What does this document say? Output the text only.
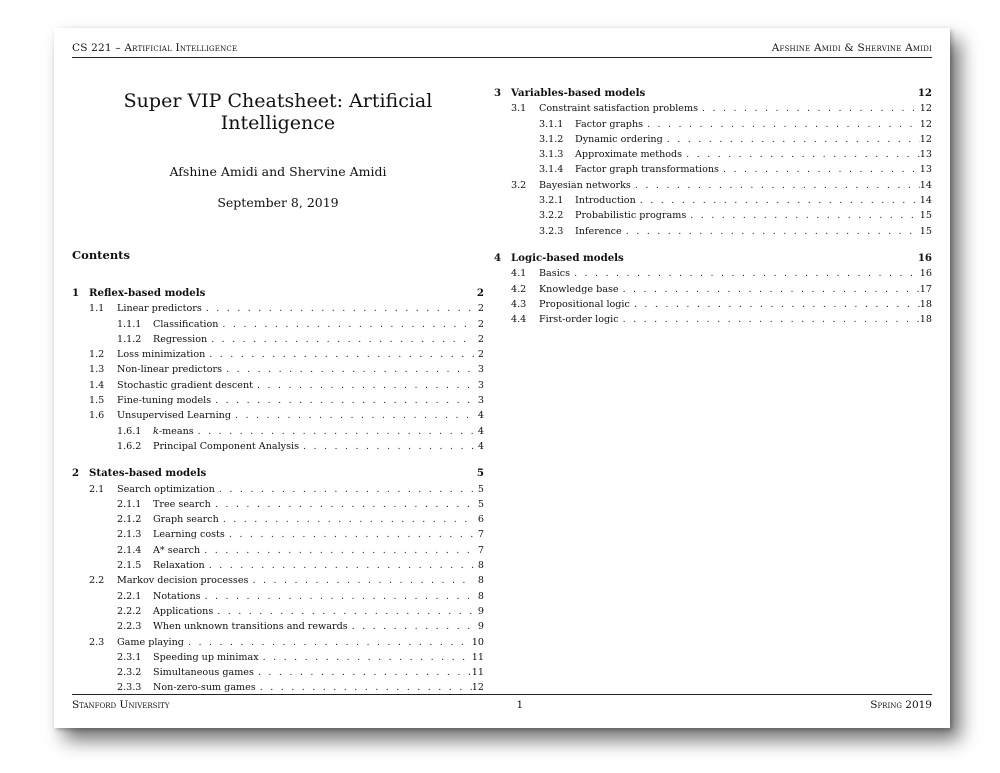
CS 221 – Artificial Intelligence	Afshine Amidi & Shervine Amidi
Super VIP Cheatsheet: Artificial Intelligence
Afshine Amidi and Shervine Amidi
September 8, 2019
Contents
1 Reflex-based models	2
1.1	Linear predictors . . .	2
1.1.1	Classification . . .	2
1.1.2	Regression . . .	2
1.2	Loss minimization . . .	2
1.3	Non-linear predictors . . .	3
1.4	Stochastic gradient descent . . .	3
1.5	Fine-tuning models . . .	3
1.6	Unsupervised Learning . . .	4
1.6.1	k-means . . .	4
1.6.2	Principal Component Analysis . . .	4
2 States-based models	5
2.1	Search optimization . . .	5
2.1.1	Tree search . . .	5
2.1.2	Graph search . . .	6
2.1.3	Learning costs . . .	7
2.1.4	A* search . . .	7
2.1.5	Relaxation . . .	8
2.2	Markov decision processes . . .	8
2.2.1	Notations . . .	8
2.2.2	Applications . . .	9
2.2.3	When unknown transitions and rewards . . .	9
2.3	Game playing . . .	10
2.3.1	Speeding up minimax . . .	11
2.3.2	Simultaneous games . . .	11
2.3.3	Non-zero-sum games . . .	12
3 Variables-based models	12
3.1	Constraint satisfaction problems . . .	12
3.1.1	Factor graphs . . .	12
3.1.2	Dynamic ordering . . .	12
3.1.3	Approximate methods . . .	13
3.1.4	Factor graph transformations . . .	13
3.2	Bayesian networks . . .	14
3.2.1	Introduction . . .	14
3.2.2	Probabilistic programs . . .	15
3.2.3	Inference . . .	15
4 Logic-based models	16
4.1	Basics . . .	16
4.2	Knowledge base . . .	17
4.3	Propositional logic . . .	18
4.4	First-order logic . . .	18
Stanford University	1	Spring 2019
